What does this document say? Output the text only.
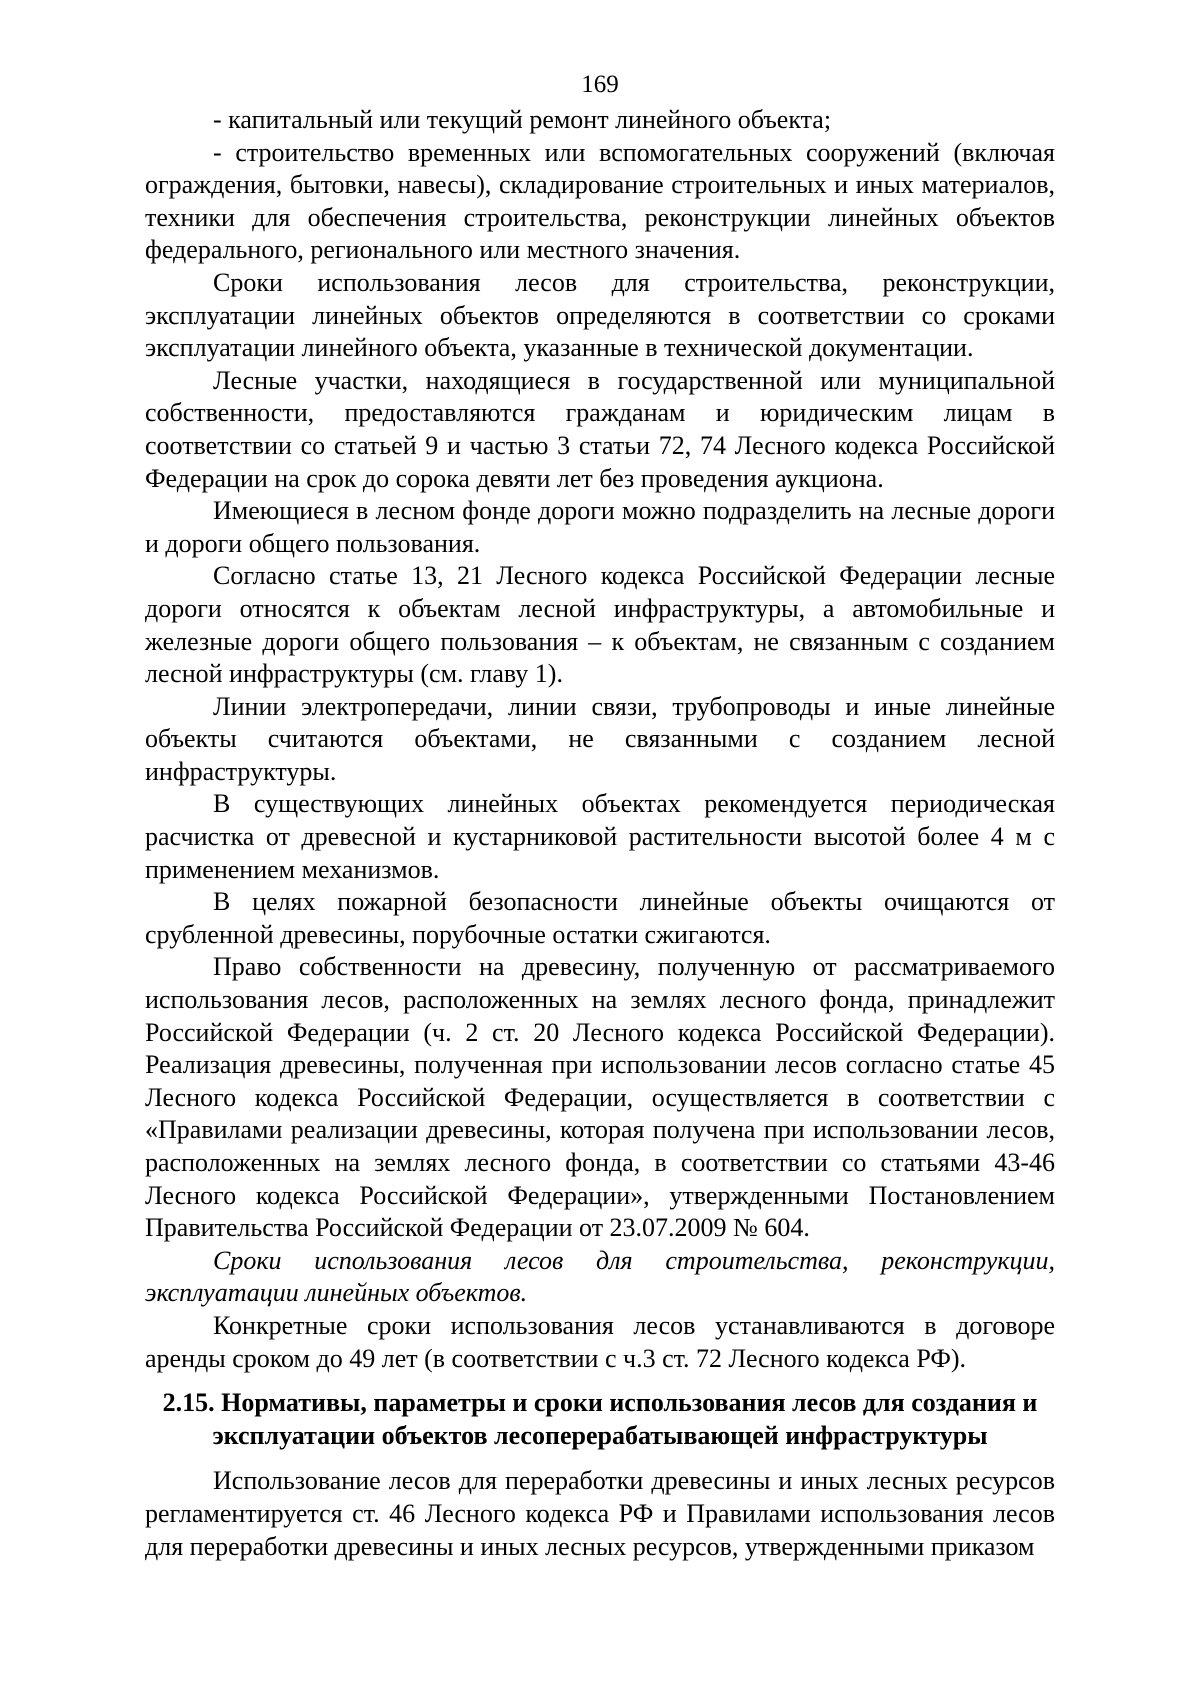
169

- капитальный или текущий ремонт линейного объекта;

- строительство временных или вспомогательных сооружений (включая ограждения, бытовки, навесы), складирование строительных и иных материалов, техники для обеспечения строительства, реконструкции линейных объектов федерального, регионального или местного значения.

Сроки использования лесов для строительства, реконструкции, эксплуатации линейных объектов определяются в соответствии со сроками эксплуатации линейного объекта, указанные в технической документации.

Лесные участки, находящиеся в государственной или муниципальной собственности, предоставляются гражданам и юридическим лицам в соответствии со статьей 9 и частью 3 статьи 72, 74 Лесного кодекса Российской Федерации на срок до сорока девяти лет без проведения аукциона.

Имеющиеся в лесном фонде дороги можно подразделить на лесные дороги и дороги общего пользования.

Согласно статье 13, 21 Лесного кодекса Российской Федерации лесные дороги относятся к объектам лесной инфраструктуры, а автомобильные и железные дороги общего пользования – к объектам, не связанным с созданием лесной инфраструктуры (см. главу 1).

Линии электропередачи, линии связи, трубопроводы и иные линейные объекты считаются объектами, не связанными с созданием лесной инфраструктуры.

В существующих линейных объектах рекомендуется периодическая расчистка от древесной и кустарниковой растительности высотой более 4 м с применением механизмов.

В целях пожарной безопасности линейные объекты очищаются от срубленной древесины, порубочные остатки сжигаются.

Право собственности на древесину, полученную от рассматриваемого использования лесов, расположенных на землях лесного фонда, принадлежит Российской Федерации (ч. 2 ст. 20 Лесного кодекса Российской Федерации). Реализация древесины, полученная при использовании лесов согласно статье 45 Лесного кодекса Российской Федерации, осуществляется в соответствии с «Правилами реализации древесины, которая получена при использовании лесов, расположенных на землях лесного фонда, в соответствии со статьями 43-46 Лесного кодекса Российской Федерации», утвержденными Постановлением Правительства Российской Федерации от 23.07.2009 № 604.

Сроки использования лесов для строительства, реконструкции, эксплуатации линейных объектов.

Конкретные сроки использования лесов устанавливаются в договоре аренды сроком до 49 лет (в соответствии с ч.3 ст. 72 Лесного кодекса РФ).

2.15. Нормативы, параметры и сроки использования лесов для создания и эксплуатации объектов лесоперерабатывающей инфраструктуры

Использование лесов для переработки древесины и иных лесных ресурсов регламентируется ст. 46 Лесного кодекса РФ и Правилами использования лесов для переработки древесины и иных лесных ресурсов, утвержденными приказом
